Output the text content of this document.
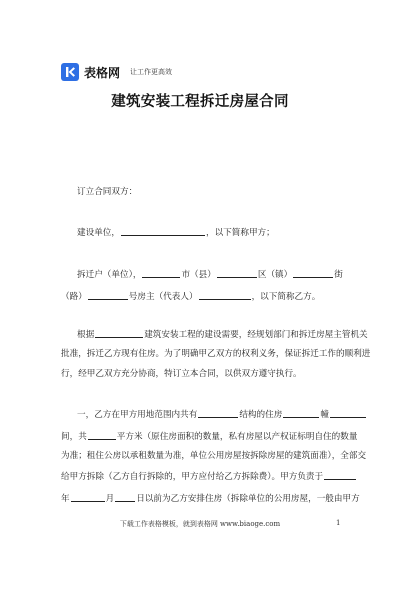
表格网 让工作更高效
建筑安装工程拆迁房屋合同
订立合同双方：
建设单位，	，以下简称甲方；
拆迁户（单位），	市（县）	区（镇）	街
（路）	号房主（代表人）	，以下简称乙方。
根据	建筑安装工程的建设需要，经规划部门和拆迁房屋主管机关
批准，拆迁乙方现有住房。为了明确甲乙双方的权利义务，保证拆迁工作的顺利进
行，经甲乙双方充分协商，特订立本合同，以供双方遵守执行。
一，乙方在甲方用地范围内共有	结构的住房	幢
间，共	平方米（原住房面积的数量，私有房屋以产权证标明自住的数量
为准；租住公房以承租数量为准，单位公用房屋按拆除房屋的建筑面准），全部交
给甲方拆除（乙方自行拆除的，甲方应付给乙方拆除费）。甲方负责于
年	月	日以前为乙方安排住房（拆除单位的公用房屋，一般由甲方
下载工作表格模板，就到表格网 www.biaoge.com	1
